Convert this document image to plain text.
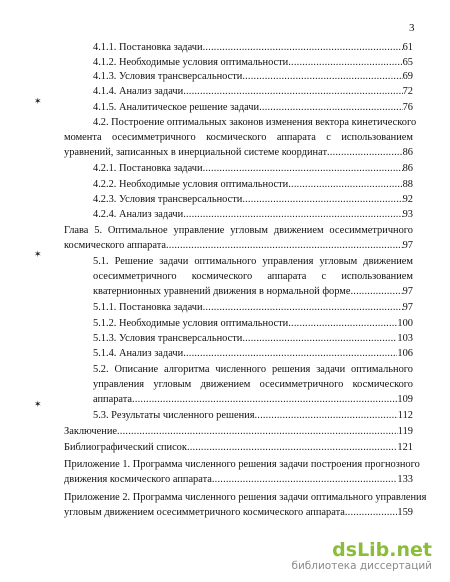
3
4.1.1. Постановка задачи .....	61
4.1.2. Необходимые условия оптимальности .....	65
4.1.3. Условия трансверсальности .....	69
4.1.4. Анализ задачи .....	72
4.1.5. Аналитическое решение задачи .....	76
4.2. Построение оптимальных законов изменения вектора кинетического
момента осесимметричного космического аппарата с использованием
уравнений, записанных в инерциальной системе координат .....	86
4.2.1. Постановка задачи .....	86
4.2.2. Необходимые условия оптимальности .....	88
4.2.3. Условия трансверсальности .....	92
4.2.4. Анализ задачи .....	93
Глава 5. Оптимальное управление угловым движением осесимметричного
космического аппарата .....	97
5.1. Решение задачи оптимального управления угловым движением
осесимметричного космического аппарата с использованием
кватернионных уравнений движения в нормальной форме .....	97
5.1.1. Постановка задачи .....	97
5.1.2. Необходимые условия оптимальности .....	100
5.1.3. Условия трансверсальности .....	103
5.1.4. Анализ задачи .....	106
5.2. Описание алгоритма численного решения задачи оптимального
управления угловым движением осесимметричного космического
аппарата .....	109
5.3. Результаты численного решения .....	112
Заключение .....	119
Библиографический список .....	121
Приложение 1. Программа численного решения задачи построения прогнозного
движения космического аппарата .....	133
Приложение 2. Программа численного решения задачи оптимального управления
угловым движением осесимметричного космического аппарата .....	159
✶
✶
✶
dsLib.net
библиотека диссертаций
